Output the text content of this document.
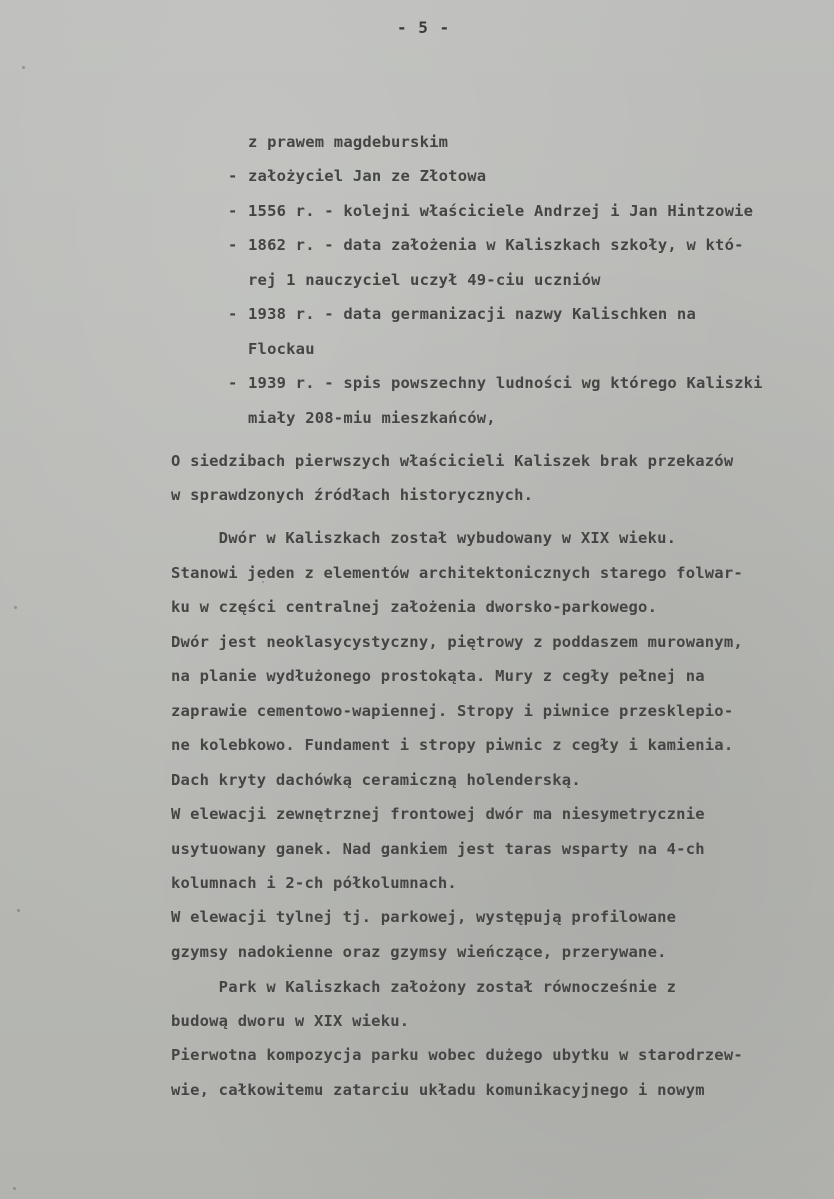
- 5 -
z prawem magdeburskim
- założyciel Jan ze Złotowa
- 1556 r. - kolejni właściciele Andrzej i Jan Hintzowie
- 1862 r. - data założenia w Kaliszkach szkoły, w któ-
rej 1 nauczyciel uczył 49-ciu uczniów
- 1938 r. - data germanizacji nazwy Kalischken na
Flockau
- 1939 r. - spis powszechny ludności wg którego Kaliszki
miały 208-miu mieszkańców,
O siedzibach pierwszych właścicieli Kaliszek brak przekazów
w sprawdzonych źródłach historycznych.
Dwór w Kaliszkach został wybudowany w XIX wieku.
Stanowi jeden z elementów architektonicznych starego folwar-
ku w części centralnej założenia dworsko-parkowego.
Dwór jest neoklasycystyczny, piętrowy z poddaszem murowanym,
na planie wydłużonego prostokąta. Mury z cegły pełnej na
zaprawie cementowo-wapiennej. Stropy i piwnice przesklepio-
ne kolebkowo. Fundament i stropy piwnic z cegły i kamienia.
Dach kryty dachówką ceramiczną holenderską.
W elewacji zewnętrznej frontowej dwór ma niesymetrycznie
usytuowany ganek. Nad gankiem jest taras wsparty na 4-ch
kolumnach i 2-ch półkolumnach.
W elewacji tylnej tj. parkowej, występują profilowane
gzymsy nadokienne oraz gzymsy wieńczące, przerywane.
Park w Kaliszkach założony został równocześnie z
budową dworu w XIX wieku.
Pierwotna kompozycja parku wobec dużego ubytku w starodrzew-
wie, całkowitemu zatarciu układu komunikacyjnego i nowym
